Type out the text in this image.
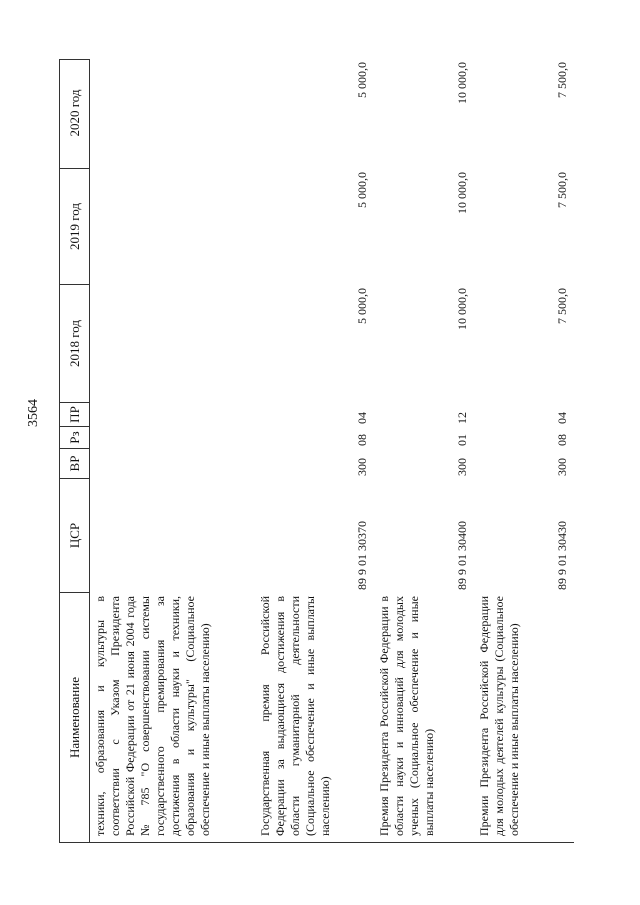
3564
Наименование
ЦСР
ВР
Рз
ПР
2018 год
2019 год
2020 год
техники, образования и культуры в соответствии с Указом Президента Российской Федерации от 21 июня 2004 года № 785 "О совершенствовании системы государственного премирования за достижения в области науки и техники, образования и культуры" (Социальное обеспечение и иные выплаты населению)	Государственная премия Российской Федерации за выдающиеся достижения в области гуманитарной деятельности (Социальное обеспечение и иные выплаты населению)
89 9 01 30370
300
08
04
5 000,0
5 000,0
5 000,0
Премия Президента Российской Федерации в области науки и инноваций для молодых ученых (Социальное обеспечение и иные выплаты населению)
89 9 01 30400
300
01
12
10 000,0
10 000,0
10 000,0
Премии Президента Российской Федерации для молодых деятелей культуры (Социальное обеспечение и иные выплаты населению)
89 9 01 30430
300
08
04
7 500,0
7 500,0
7 500,0
